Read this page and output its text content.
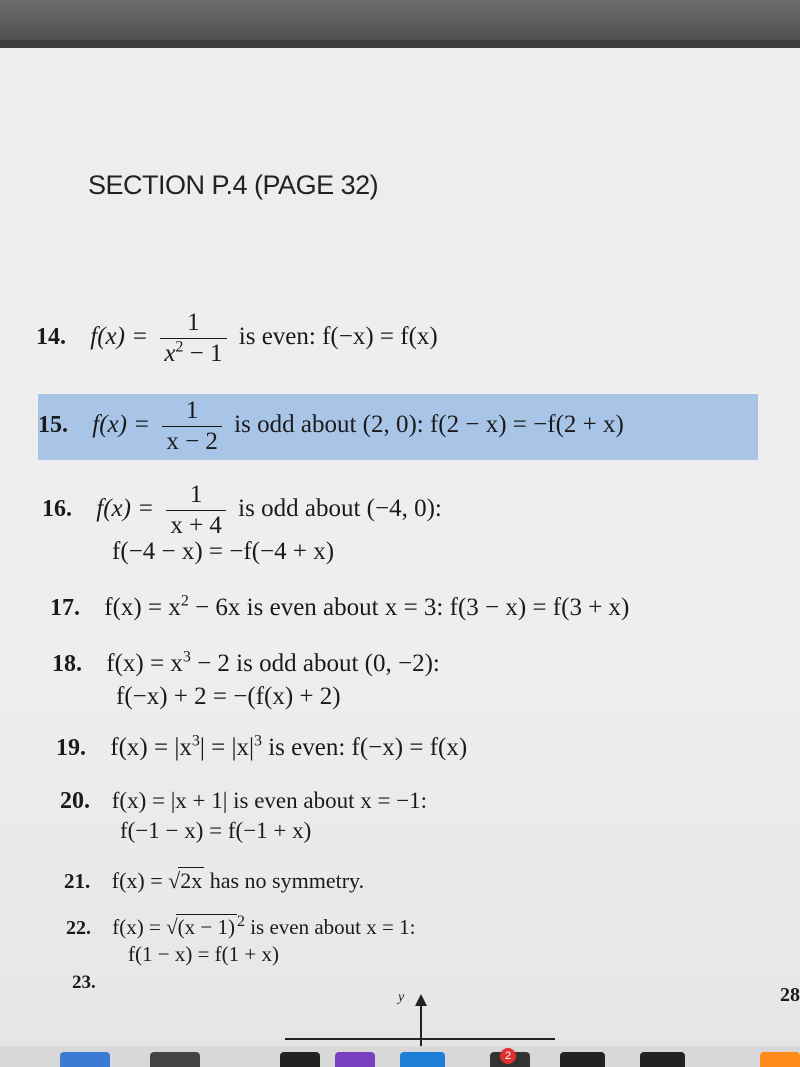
SECTION P.4 (PAGE 32)
14. $f(x) = \frac{1}{x^2 - 1}$ is even: f(−x) = f(x)
15. $f(x) = \frac{1}{x - 2}$ is odd about (2, 0): f(2 − x) = −f(2 + x)
16. $f(x) = \frac{1}{x + 4}$ is odd about (−4, 0):
f(−4 − x) = −f(−4 + x)
17. $f(x) = x^2 - 6x$ is even about x = 3: f(3 − x) = f(3 + x)
18. $f(x) = x^3 - 2$ is odd about (0, −2):
f(−x) + 2 = −(f(x) + 2)
19. $f(x) = |x^3| = |x|^3$ is even: f(−x) = f(x)
20. f(x) = |x + 1| is even about x = −1:
f(−1 − x) = f(−1 + x)
21. f(x) = √2x has no symmetry.
22. f(x) = √(x − 1) $^2$ is even about x = 1:
f(1 − x) = f(1 + x)
23.
y	28
2
